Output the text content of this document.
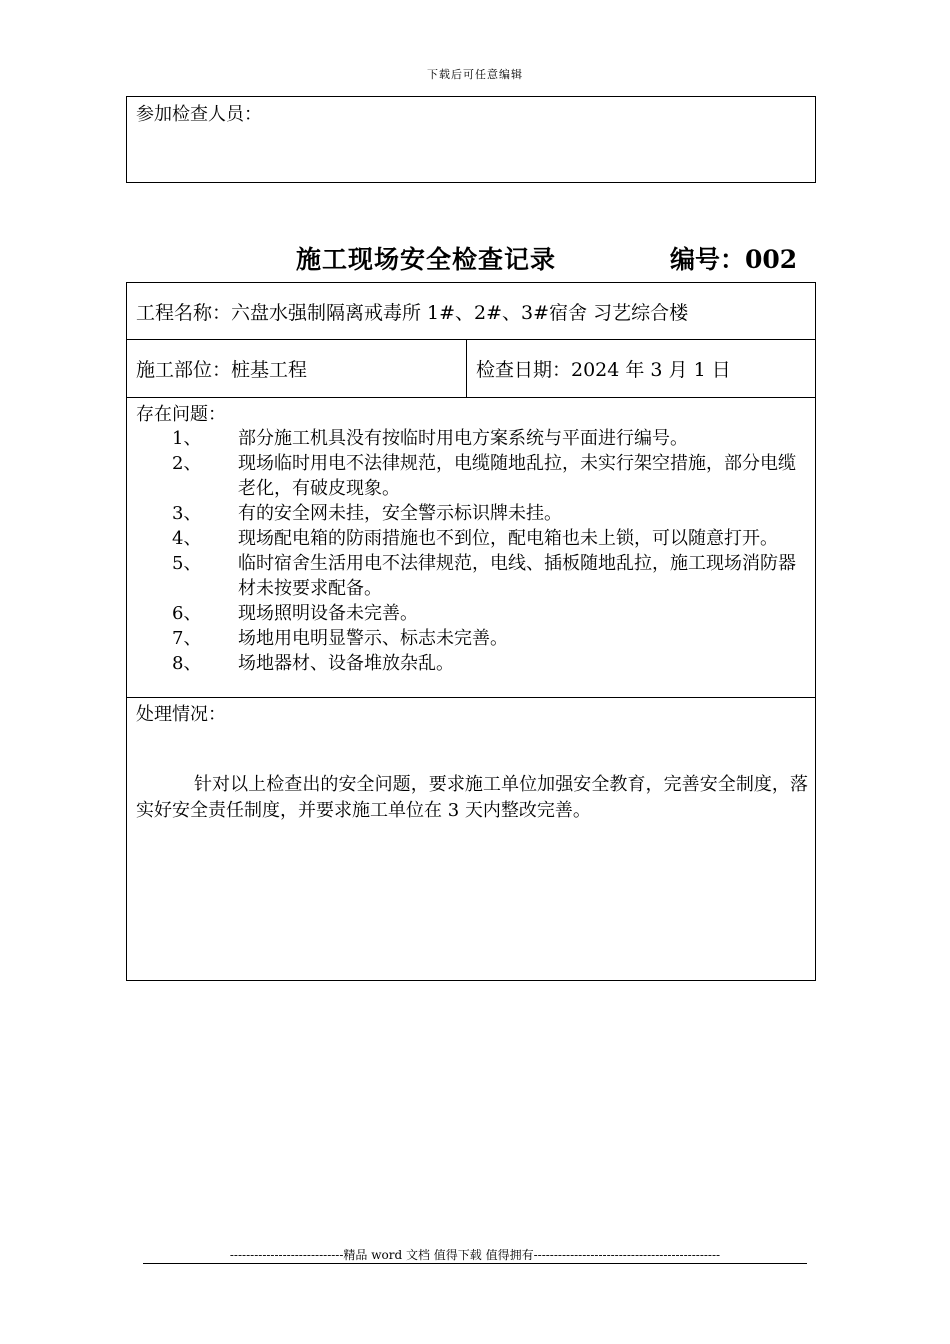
下载后可任意编辑
参加检查人员：
施工现场安全检查记录	编号：002
工程名称：六盘水强制隔离戒毒所 1#、2#、3#宿舍 习艺综合楼
施工部位：桩基工程	检查日期：2024 年 3 月 1 日
存在问题：
1、	部分施工机具没有按临时用电方案系统与平面进行编号。
2、	现场临时用电不法律规范，电缆随地乱拉，未实行架空措施，部分电缆老化，有破皮现象。
3、	有的安全网未挂，安全警示标识牌未挂。
4、	现场配电箱的防雨措施也不到位，配电箱也未上锁，可以随意打开。
5、	临时宿舍生活用电不法律规范，电线、插板随地乱拉，施工现场消防器材未按要求配备。
6、	现场照明设备未完善。
7、	场地用电明显警示、标志未完善。
8、	场地器材、设备堆放杂乱。
处理情况：
针对以上检查出的安全问题，要求施工单位加强安全教育，完善安全制度，落实好安全责任制度，并要求施工单位在 3 天内整改完善。
----------------------------精品 word 文档 值得下载 值得拥有----------------------------------------------
